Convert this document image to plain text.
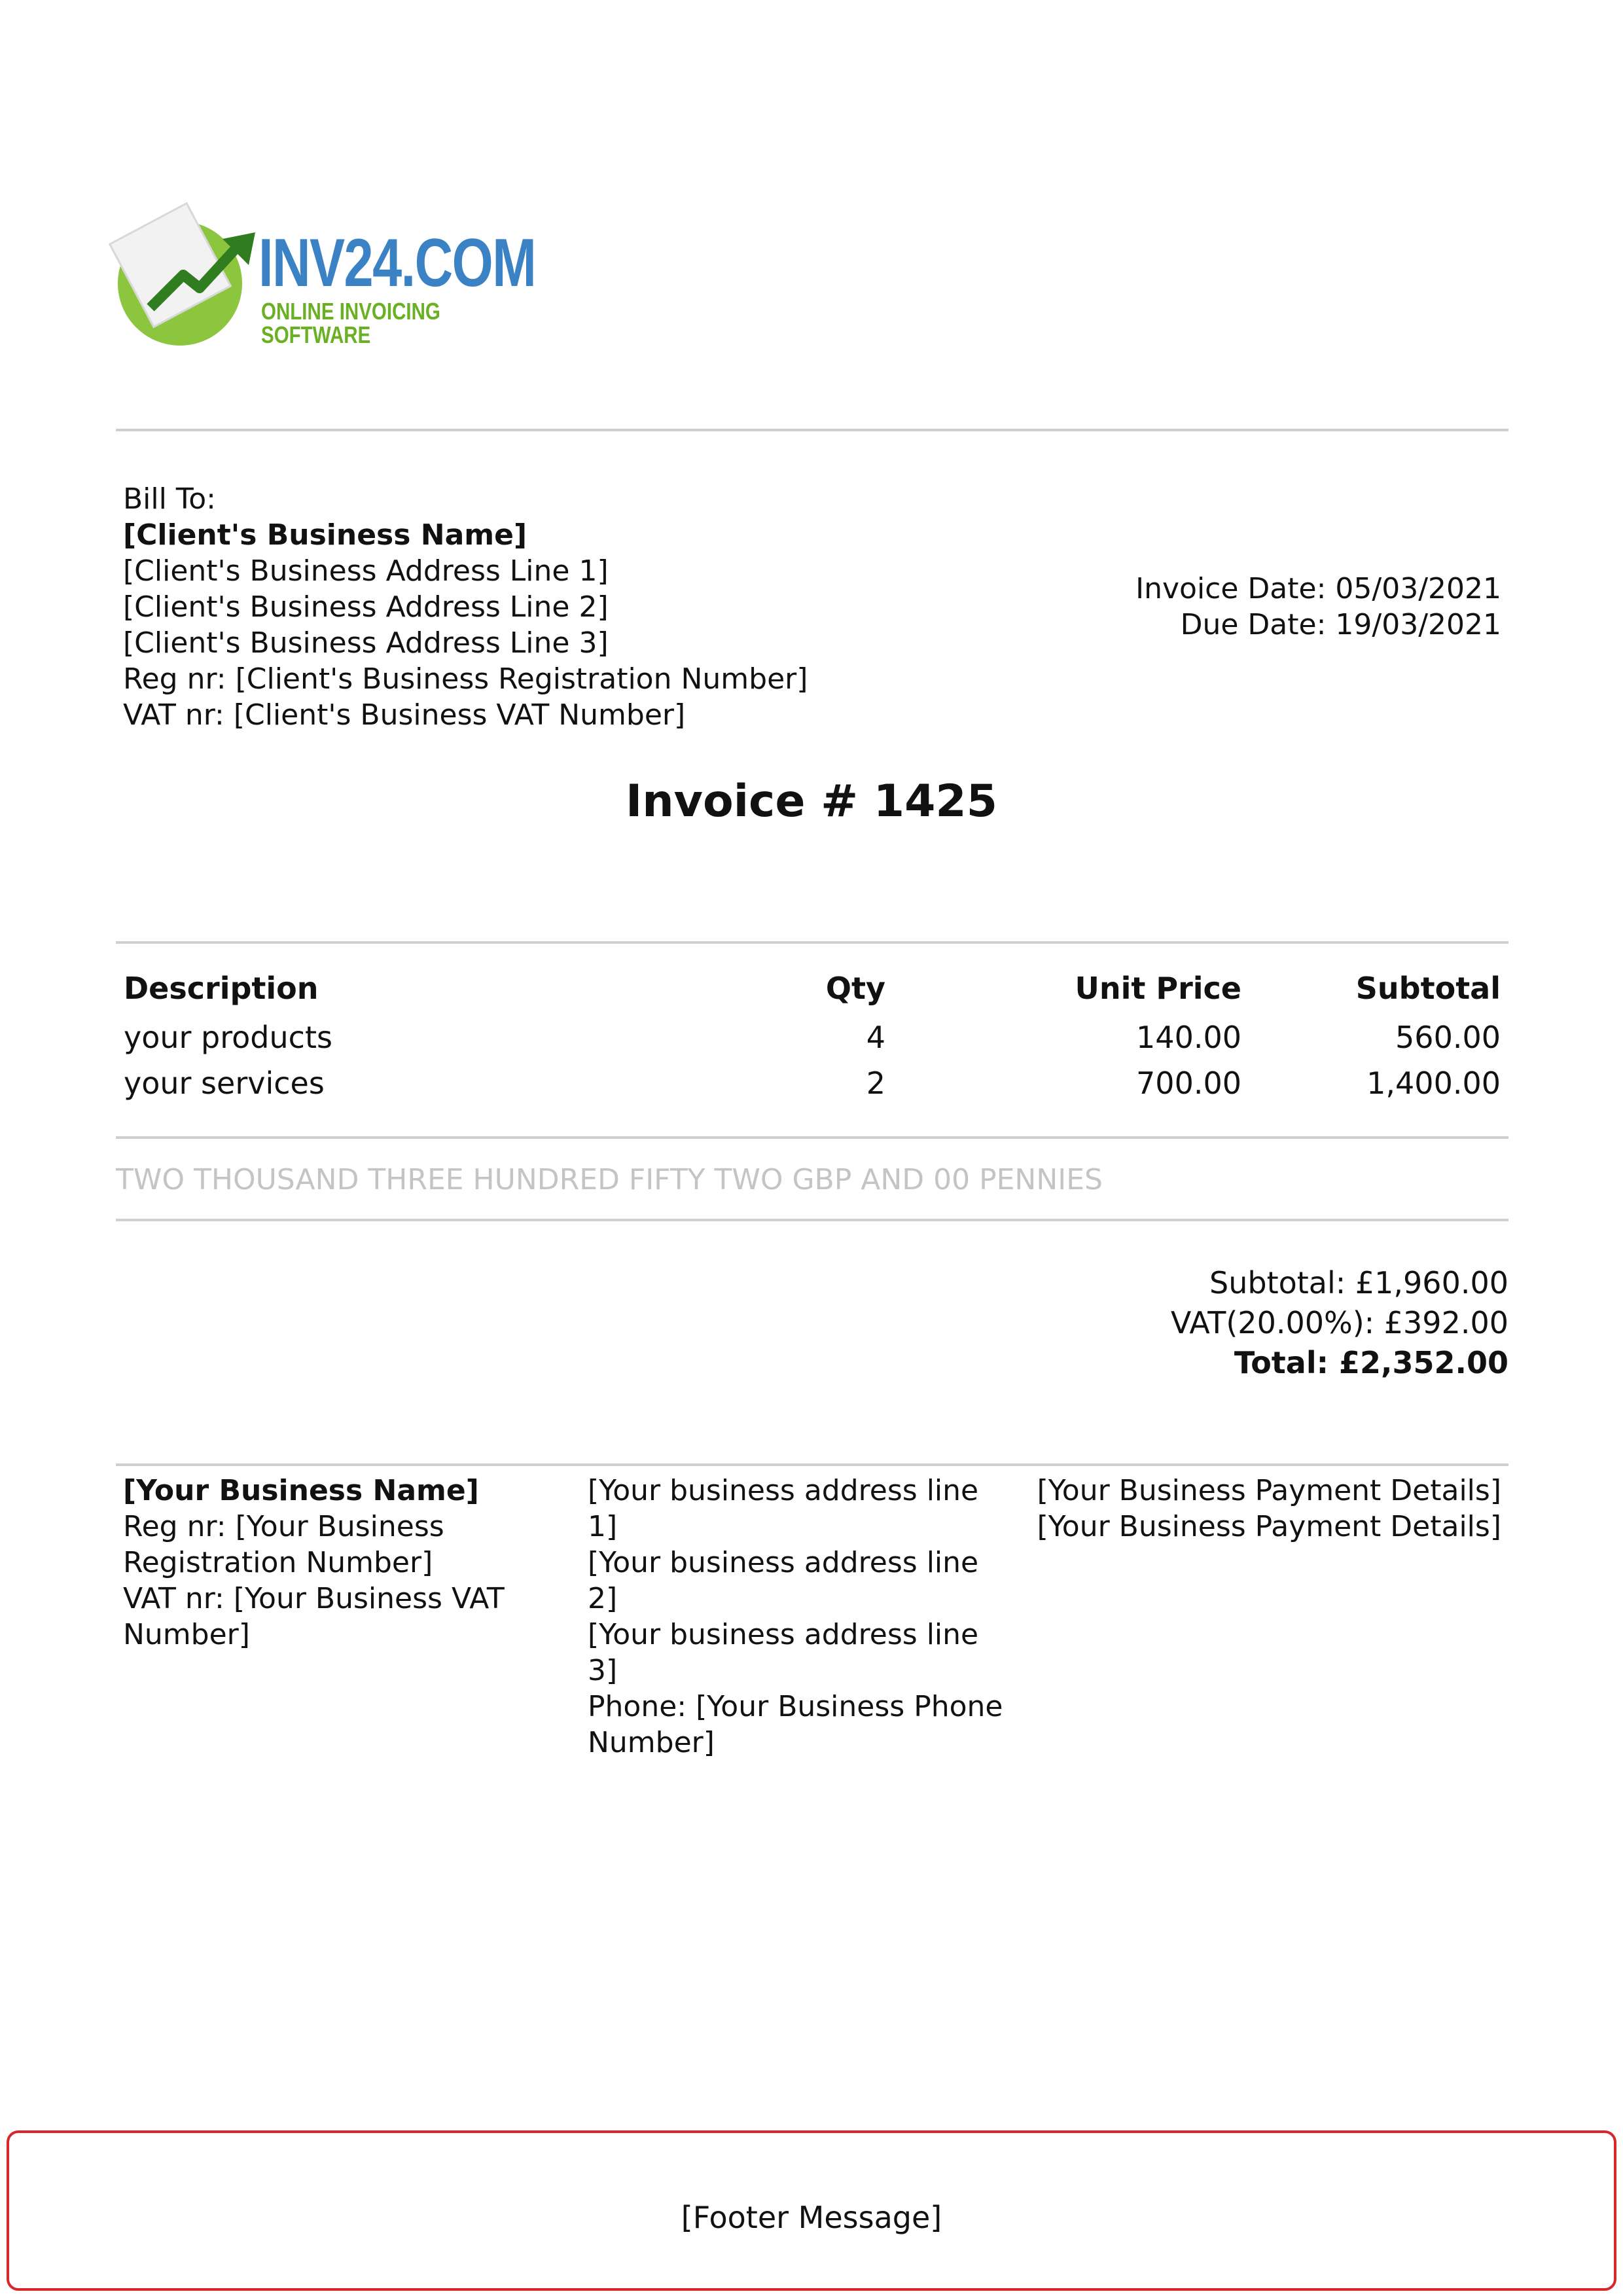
INV24.COM
ONLINE INVOICING SOFTWARE
Bill To:
[Client's Business Name]
[Client's Business Address Line 1]
[Client's Business Address Line 2]
[Client's Business Address Line 3]
Reg nr: [Client's Business Registration Number]
VAT nr: [Client's Business VAT Number]
Invoice Date: 05/03/2021
Due Date: 19/03/2021
Invoice # 1425
Description	Qty	Unit Price	Subtotal
your products	4	140.00	560.00
your services	2	700.00	1,400.00
TWO THOUSAND THREE HUNDRED FIFTY TWO GBP AND 00 PENNIES
Subtotal: £1,960.00
VAT(20.00%): £392.00
Total: £2,352.00
[Your Business Name]
Reg nr: [Your Business Registration Number]
VAT nr: [Your Business VAT Number]
[Your business address line 1]
[Your business address line 2]
[Your business address line 3]
Phone: [Your Business Phone Number]
[Your Business Payment Details]
[Your Business Payment Details]
[Footer Message]
